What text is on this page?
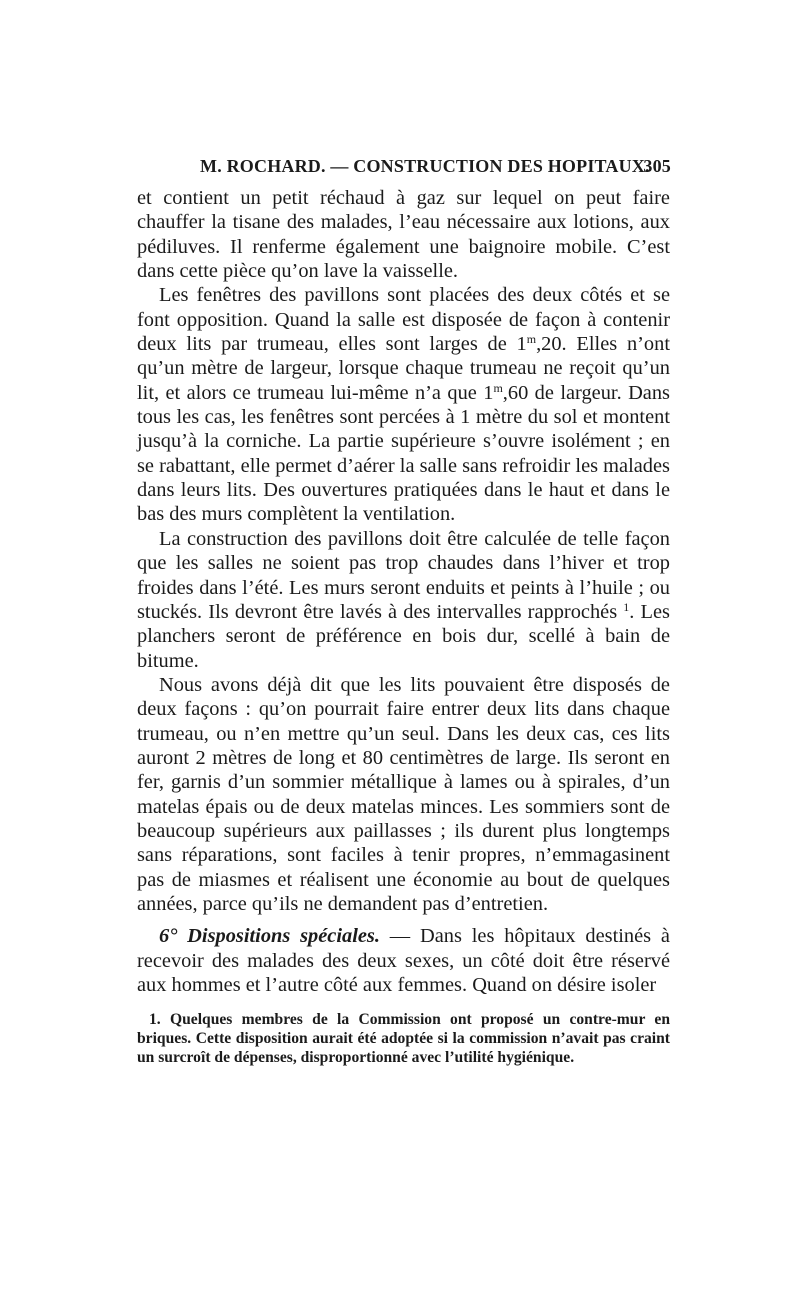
M. ROCHARD. — CONSTRUCTION DES HOPITAUX.
305

et contient un petit réchaud à gaz sur lequel on peut faire chauffer la tisane des malades, l’eau nécessaire aux lotions, aux pédiluves. Il renferme également une baignoire mobile. C’est dans cette pièce qu’on lave la vaisselle.

Les fenêtres des pavillons sont placées des deux côtés et se font opposition. Quand la salle est disposée de façon à contenir deux lits par trumeau, elles sont larges de 1$^m$,20. Elles n’ont qu’un mètre de largeur, lorsque chaque trumeau ne reçoit qu’un lit, et alors ce trumeau lui-même n’a que 1$^m$,60 de largeur. Dans tous les cas, les fenêtres sont percées à 1 mètre du sol et montent jusqu’à la corniche. La partie supérieure s’ouvre isolément ; en se rabattant, elle permet d’aérer la salle sans refroidir les malades dans leurs lits. Des ouvertures pratiquées dans le haut et dans le bas des murs complètent la ventilation.

La construction des pavillons doit être calculée de telle façon que les salles ne soient pas trop chaudes dans l’hiver et trop froides dans l’été. Les murs seront enduits et peints à l’huile ; ou stuckés. Ils devront être lavés à des intervalles rapprochés $^1$. Les planchers seront de préférence en bois dur, scellé à bain de bitume.

Nous avons déjà dit que les lits pouvaient être disposés de deux façons : qu’on pourrait faire entrer deux lits dans chaque trumeau, ou n’en mettre qu’un seul. Dans les deux cas, ces lits auront 2 mètres de long et 80 centimètres de large. Ils seront en fer, garnis d’un sommier métallique à lames ou à spirales, d’un matelas épais ou de deux matelas minces. Les sommiers sont de beaucoup supérieurs aux paillasses ; ils durent plus longtemps sans réparations, sont faciles à tenir propres, n’emmagasinent pas de miasmes et réalisent une économie au bout de quelques années, parce qu’ils ne demandent pas d’entretien.

6° Dispositions spéciales. — Dans les hôpitaux destinés à recevoir des malades des deux sexes, un côté doit être réservé aux hommes et l’autre côté aux femmes. Quand on désire isoler

1. Quelques membres de la Commission ont proposé un contre-mur en briques. Cette disposition aurait été adoptée si la commission n’avait pas craint un surcroît de dépenses, disproportionné avec l’utilité hygiénique.
